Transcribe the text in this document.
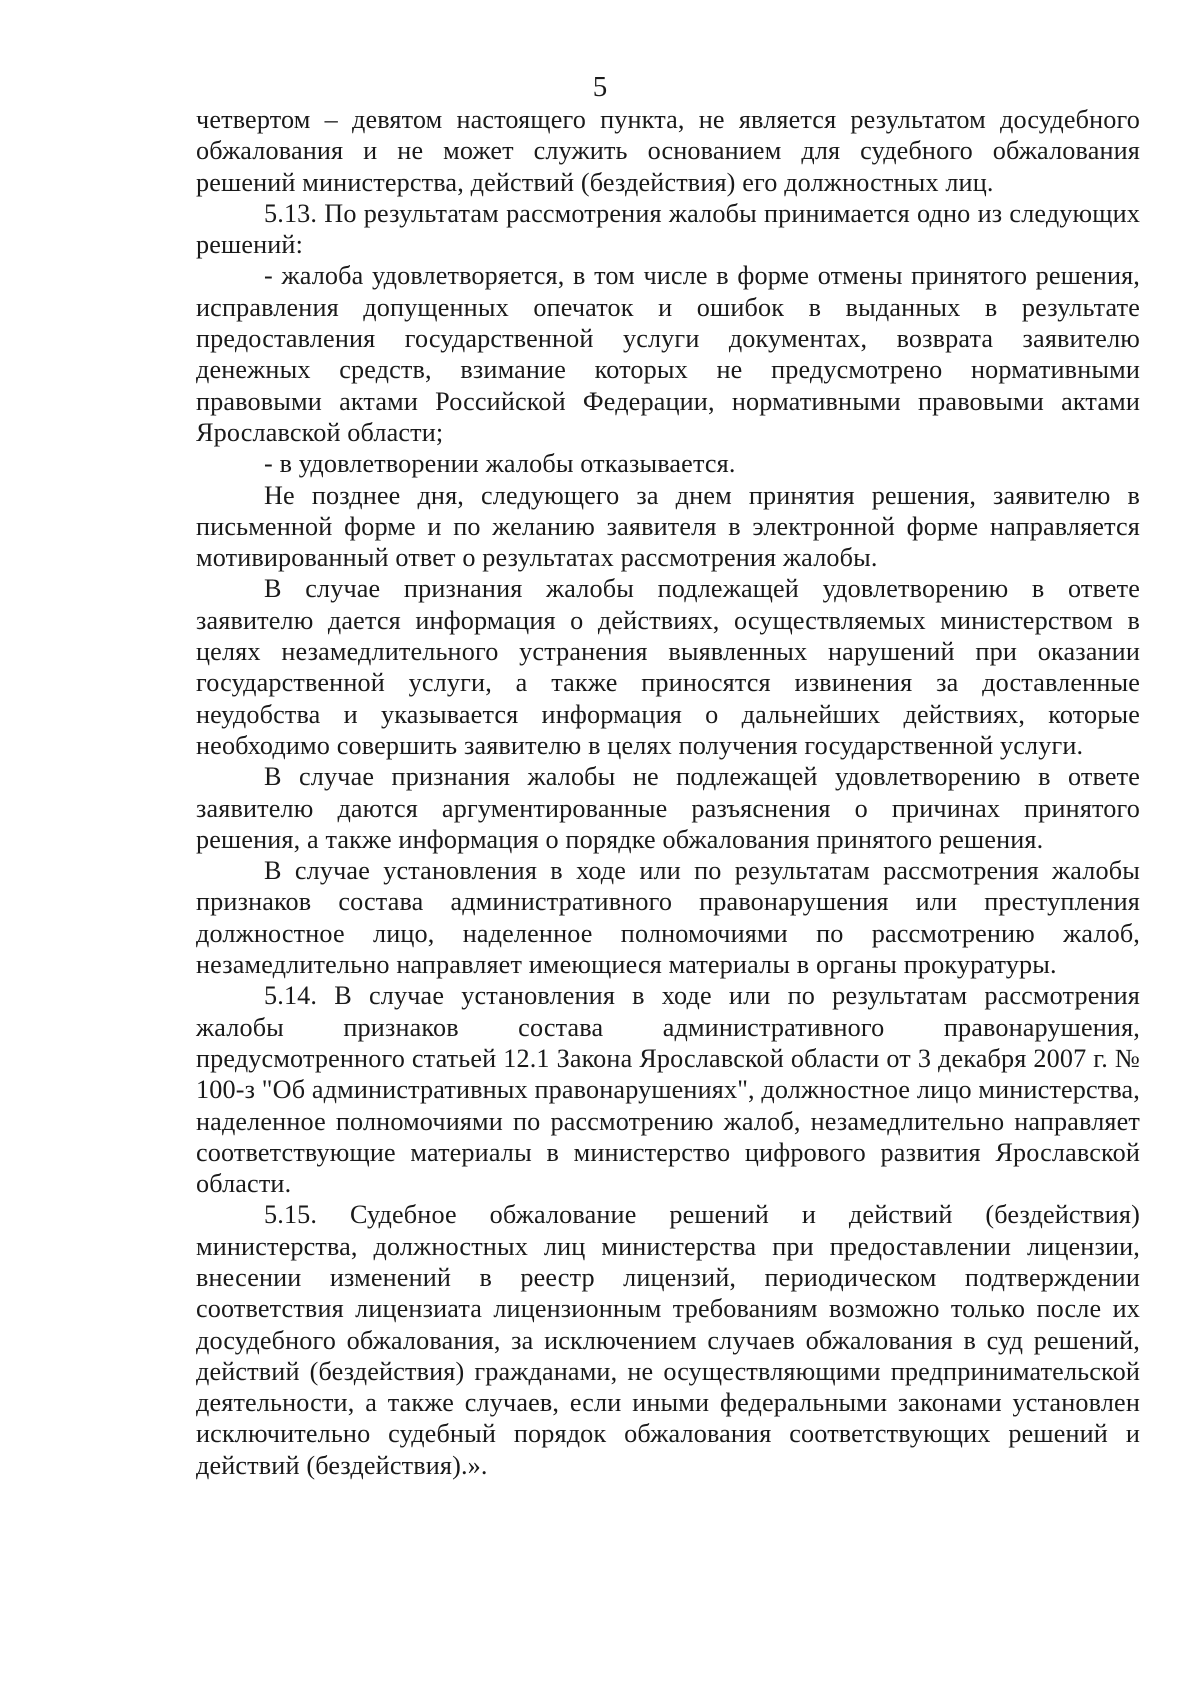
5

четвертом – девятом настоящего пункта, не является результатом досудебного обжалования и не может служить основанием для судебного обжалования решений министерства, действий (бездействия) его должностных лиц.

5.13. По результатам рассмотрения жалобы принимается одно из следующих решений:

- жалоба удовлетворяется, в том числе в форме отмены принятого решения, исправления допущенных опечаток и ошибок в выданных в результате предоставления государственной услуги документах, возврата заявителю денежных средств, взимание которых не предусмотрено нормативными правовыми актами Российской Федерации, нормативными правовыми актами Ярославской области;

- в удовлетворении жалобы отказывается.

Не позднее дня, следующего за днем принятия решения, заявителю в письменной форме и по желанию заявителя в электронной форме направляется мотивированный ответ о результатах рассмотрения жалобы.

В случае признания жалобы подлежащей удовлетворению в ответе заявителю дается информация о действиях, осуществляемых министерством в целях незамедлительного устранения выявленных нарушений при оказании государственной услуги, а также приносятся извинения за доставленные неудобства и указывается информация о дальнейших действиях, которые необходимо совершить заявителю в целях получения государственной услуги.

В случае признания жалобы не подлежащей удовлетворению в ответе заявителю даются аргументированные разъяснения о причинах принятого решения, а также информация о порядке обжалования принятого решения.

В случае установления в ходе или по результатам рассмотрения жалобы признаков состава административного правонарушения или преступления должностное лицо, наделенное полномочиями по рассмотрению жалоб, незамедлительно направляет имеющиеся материалы в органы прокуратуры.

5.14. В случае установления в ходе или по результатам рассмотрения жалобы признаков состава административного правонарушения, предусмотренного статьей 12.1 Закона Ярославской области от 3 декабря 2007 г. № 100-з "Об административных правонарушениях", должностное лицо министерства, наделенное полномочиями по рассмотрению жалоб, незамедлительно направляет соответствующие материалы в министерство цифрового развития Ярославской области.

5.15. Судебное обжалование решений и действий (бездействия) министерства, должностных лиц министерства при предоставлении лицензии, внесении изменений в реестр лицензий, периодическом подтверждении соответствия лицензиата лицензионным требованиям возможно только после их досудебного обжалования, за исключением случаев обжалования в суд решений, действий (бездействия) гражданами, не осуществляющими предпринимательской деятельности, а также случаев, если иными федеральными законами установлен исключительно судебный порядок обжалования соответствующих решений и действий (бездействия).».
